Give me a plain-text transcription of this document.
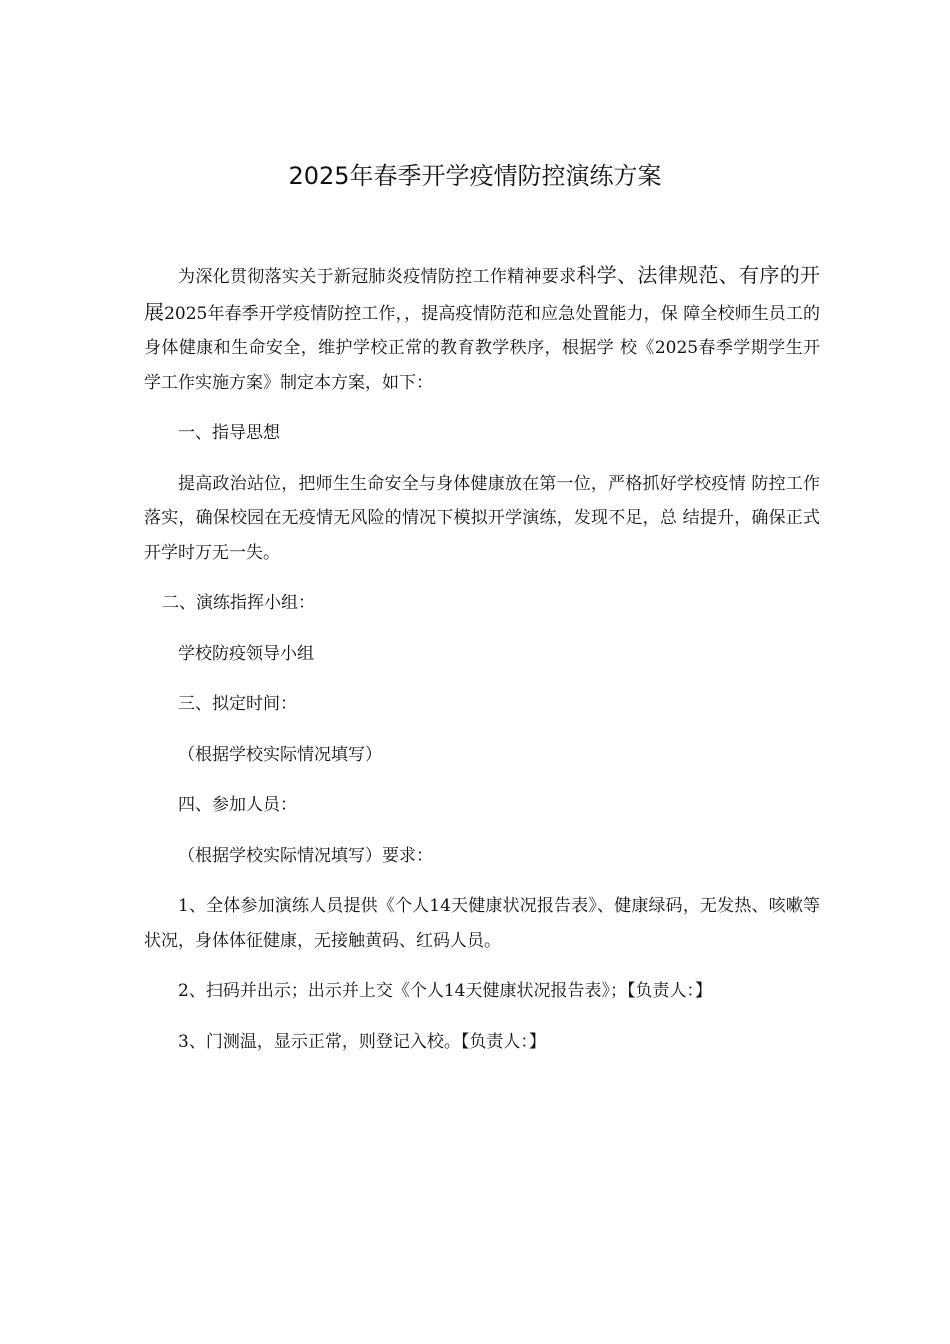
2025年春季开学疫情防控演练方案

为深化贯彻落实关于新冠肺炎疫情防控工作精神要求科学、法律规范、有序的开展2025年春季开学疫情防控工作，，提高疫情防范和应急处置能力，保 障全校师生员工的身体健康和生命安全，维护学校正常的教育教学秩序，根据学 校《2025春季学期学生开学工作实施方案》制定本方案，如下：

一、指导思想

提高政治站位，把师生生命安全与身体健康放在第一位，严格抓好学校疫情 防控工作落实，确保校园在无疫情无风险的情况下模拟开学演练，发现不足，总 结提升，确保正式开学时万无一失。

二、演练指挥小组：

学校防疫领导小组

三、拟定时间：

（根据学校实际情况填写）

四、参加人员：

（根据学校实际情况填写）要求：

1、全体参加演练人员提供《个人14天健康状况报告表》、健康绿码，无发热、咳嗽等状况，身体体征健康，无接触黄码、红码人员。

2、扫码并出示；出示并上交《个人14天健康状况报告表》；【负责人：】

3、门测温，显示正常，则登记入校。【负责人：】
